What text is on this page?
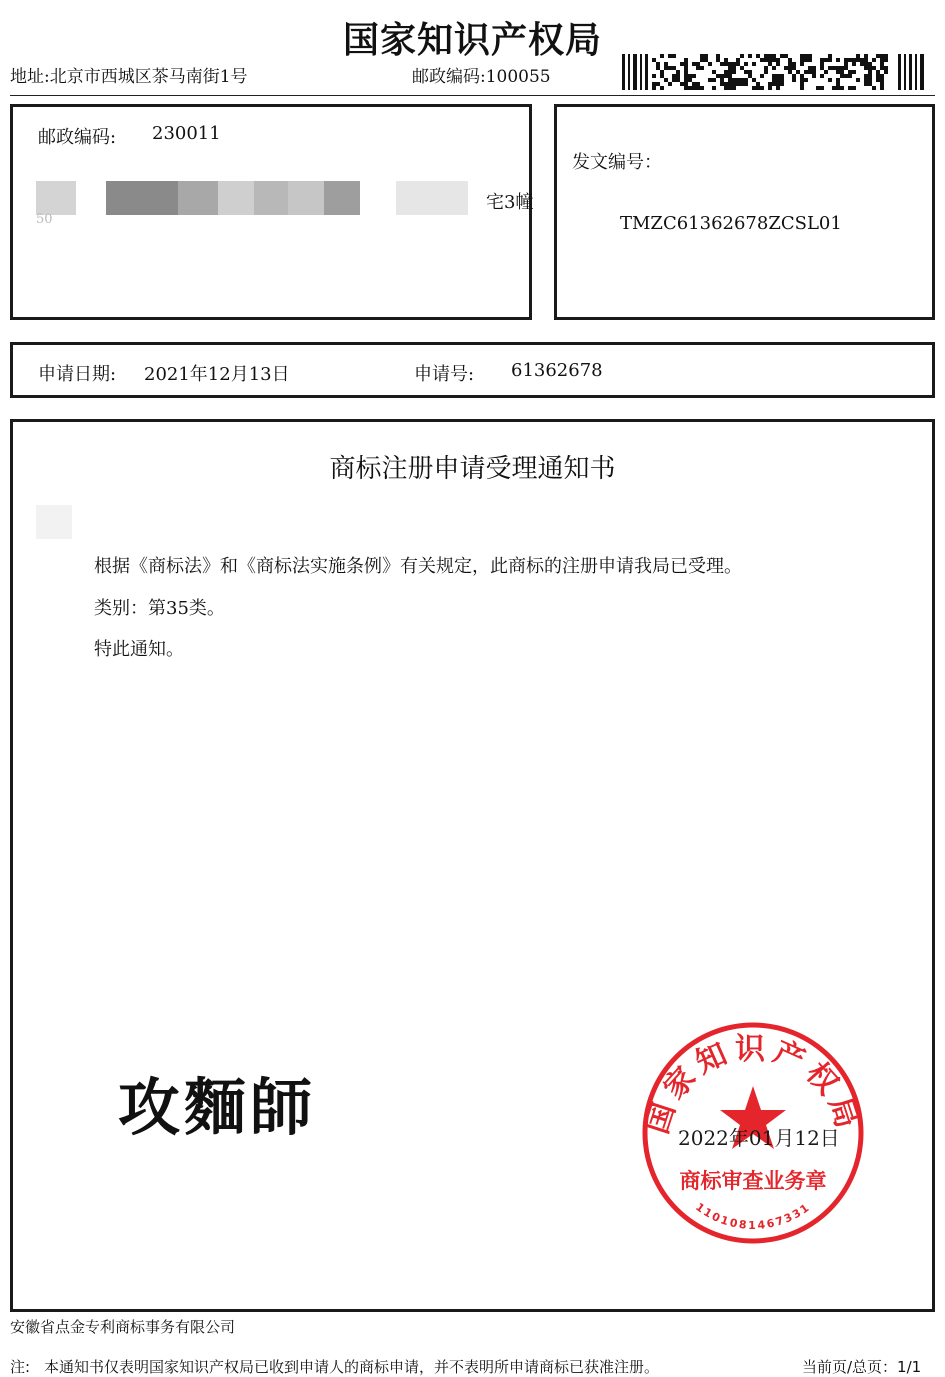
国家知识产权局
地址:北京市西城区茶马南街1号	邮政编码:100055
邮政编码: 230011
宅3幢
50
发文编号：
TMZC61362678ZCSL01
申请日期: 2021年12月13日	申请号: 61362678
商标注册申请受理通知书
根据《商标法》和《商标法实施条例》有关规定，此商标的注册申请我局已受理。
类别：第35类。
特此通知。
攻麵師	国家知识产权局
商标审查业务章
1101081467331
2022年01月12日
安徽省点金专利商标事务有限公司
注: 本通知书仅表明国家知识产权局已收到申请人的商标申请，并不表明所申请商标已获准注册。	当前页/总页：1/1
